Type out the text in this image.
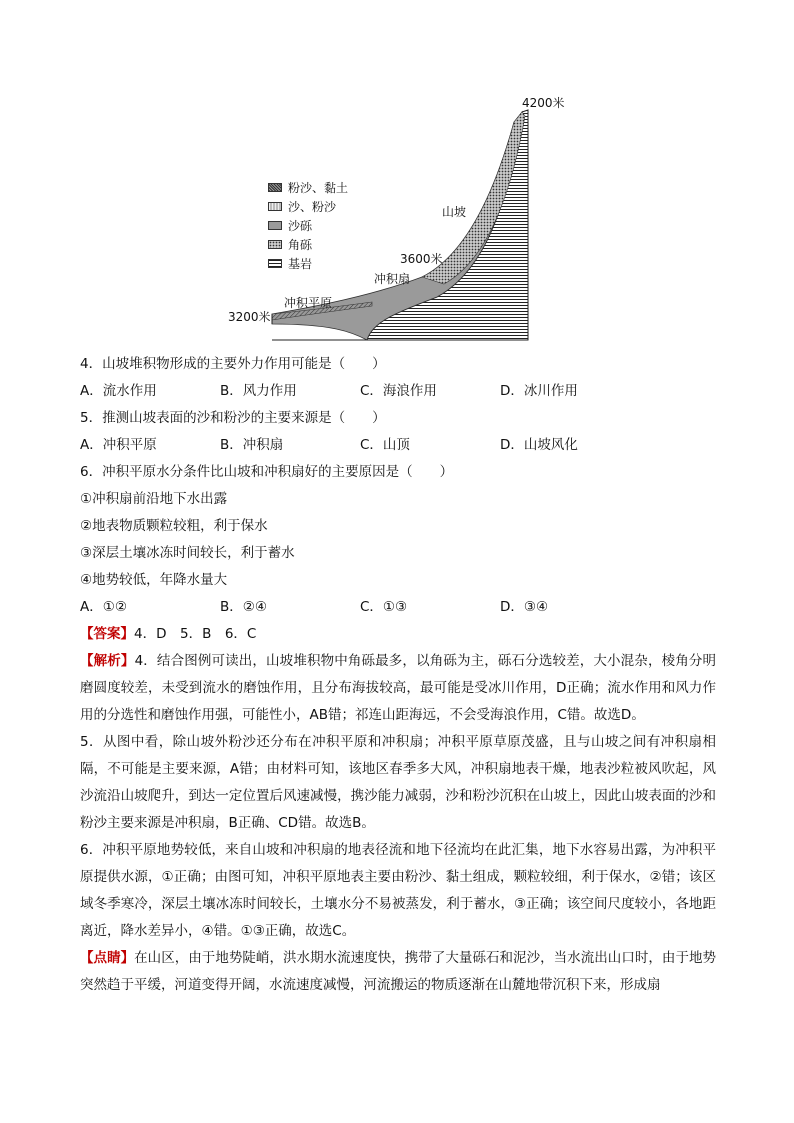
4200米
山坡
3600米
冲积扇
冲积平原
3200米
粉沙、黏土
沙、粉沙
沙砾
角砾
基岩
4．山坡堆积物形成的主要外力作用可能是（　　）
A．流水作用	B．风力作用	C．海浪作用	D．冰川作用
5．推测山坡表面的沙和粉沙的主要来源是（　　）
A．冲积平原	B．冲积扇	C．山顶	D．山坡风化
6．冲积平原水分条件比山坡和冲积扇好的主要原因是（　　）
①冲积扇前沿地下水出露
②地表物质颗粒较粗，利于保水
③深层土壤冰冻时间较长，利于蓄水
④地势较低，年降水量大
A．①②	B．②④	C．①③	D．③④
【答案】4．D　5．B　6．C
【解析】4．结合图例可读出，山坡堆积物中角砾最多，以角砾为主，砾石分选较差，大小混杂，棱角分明磨圆度较差，未受到流水的磨蚀作用，且分布海拔较高，最可能是受冰川作用，D正确；流水作用和风力作用的分选性和磨蚀作用强，可能性小，AB错；祁连山距海远，不会受海浪作用，C错。故选D。
5．从图中看，除山坡外粉沙还分布在冲积平原和冲积扇；冲积平原草原茂盛，且与山坡之间有冲积扇相隔，不可能是主要来源，A错；由材料可知，该地区春季多大风，冲积扇地表干燥，地表沙粒被风吹起，风沙流沿山坡爬升，到达一定位置后风速减慢，携沙能力减弱，沙和粉沙沉积在山坡上，因此山坡表面的沙和粉沙主要来源是冲积扇，B正确、CD错。故选B。
6．冲积平原地势较低，来自山坡和冲积扇的地表径流和地下径流均在此汇集，地下水容易出露，为冲积平原提供水源，①正确；由图可知，冲积平原地表主要由粉沙、黏土组成，颗粒较细，利于保水，②错；该区域冬季寒冷，深层土壤冰冻时间较长，土壤水分不易被蒸发，利于蓄水，③正确；该空间尺度较小，各地距离近，降水差异小，④错。①③正确，故选C。
【点睛】在山区，由于地势陡峭，洪水期水流速度快，携带了大量砾石和泥沙，当水流出山口时，由于地势突然趋于平缓，河道变得开阔，水流速度减慢，河流搬运的物质逐渐在山麓地带沉积下来，形成扇
